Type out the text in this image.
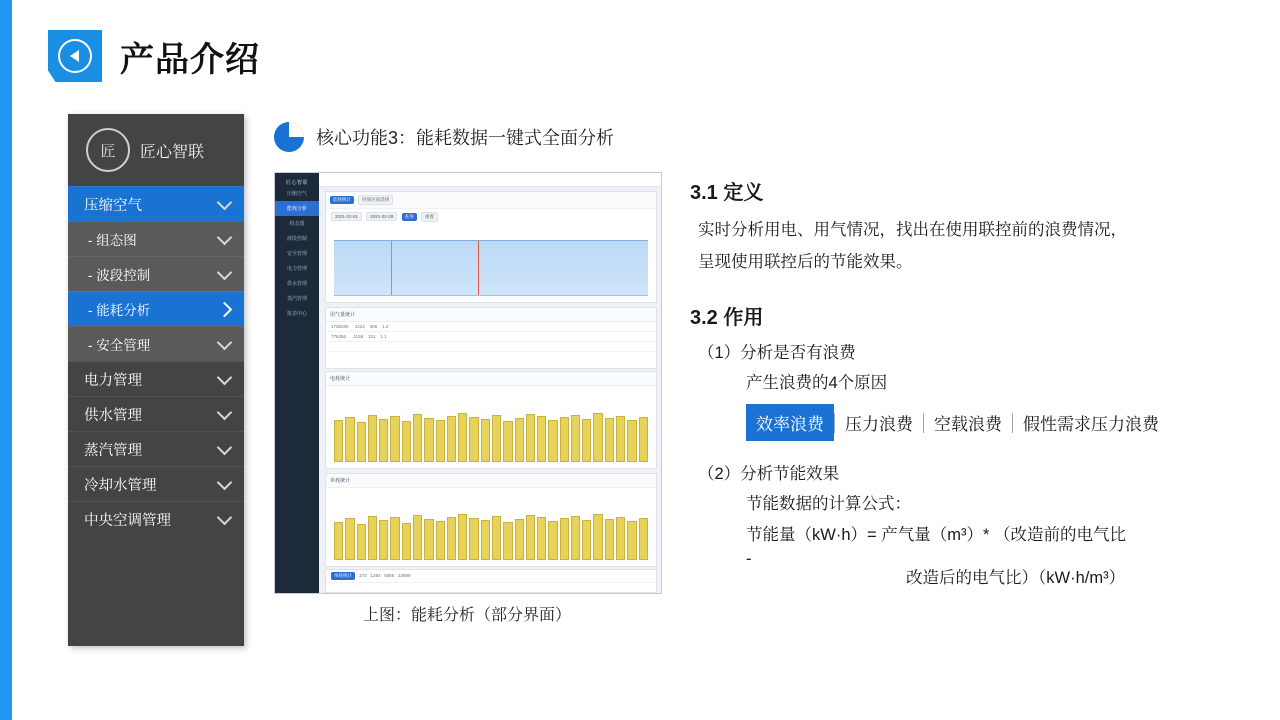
产品介绍
匠	匠心智联
压缩空气
- 组态图
- 波段控制
- 能耗分析
- 安全管理
电力管理
供水管理
蒸汽管理
冷却水管理
中央空调管理
核心功能3：能耗数据一键式全面分析
匠心智联
压缩空气
能耗分析
组态图
波段控制
安全管理
电力管理
供水管理
蒸汽管理
报表中心
能耗统计	时间区间选择
2021-02-01	2021-02-28	查询	重置
用气量统计
1705266     1224    366    1.2
778356      1156    311    1.1

电耗统计
单耗统计
单耗统计 272   1284   5866   23889
上图：能耗分析（部分界面）
3.1 定义
实时分析用电、用气情况，找出在使用联控前的浪费情况，
呈现使用联控后的节能效果。
3.2 作用
（1）分析是否有浪费
产生浪费的4个原因
效率浪费	压力浪费	空载浪费	假性需求压力浪费
（2）分析节能效果
节能数据的计算公式：
节能量（kW·h）= 产气量（m³）* （改造前的电气比
-
改造后的电气比）（kW·h/m³）
